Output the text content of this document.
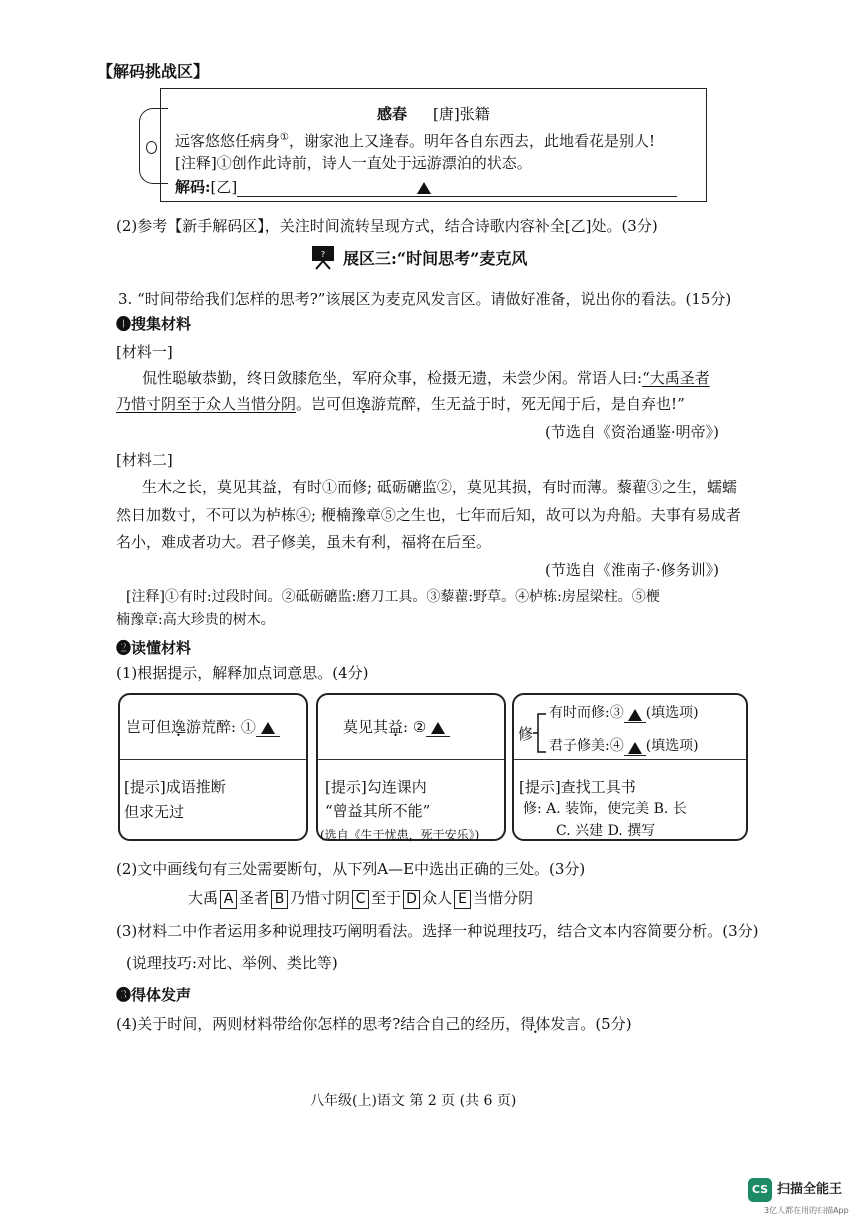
【解码挑战区】
感春 [唐]张籍
远客悠悠任病身①，谢家池上又逢春。明年各自东西去，此地看花是别人!
[注释]①创作此诗前，诗人一直处于远游漂泊的状态。
解码:[乙]
(2)参考【新手解码区】，关注时间流转呈现方式，结合诗歌内容补全[乙]处。(3分)
? 展区三:“时间思考”麦克风
3. “时间带给我们怎样的思考?”该展区为麦克风发言区。请做好准备，说出你的看法。(15分)
❶搜集材料
[材料一]
侃性聪敏恭勤，终日敛膝危坐，军府众事，检摄无遗，未尝少闲。常语人曰:“大禹圣者
乃惜寸阴至于众人当惜分阴。岂可但逸游荒醉，生无益于时，死无闻于后，是自弃也!”
(节选自《资治通鉴·明帝》)
[材料二]
生木之长，莫见其益，有时①而修; 砥砺礳监②，莫见其损，有时而薄。藜藋③之生，蠕蠕
然日加数寸，不可以为栌栋④; 楩楠豫章⑤之生也，七年而后知，故可以为舟船。夫事有易成者
名小，难成者功大。君子修美，虽未有利，福将在后至。
(节选自《淮南子·修务训》)
[注释]①有时:过段时间。②砥砺礳监:磨刀工具。③藜藋:野草。④栌栋:房屋梁柱。⑤楩
楠豫章:高大珍贵的树木。
❷读懂材料
(1)根据提示，解释加点词意思。(4分)
岂可但逸游荒醉: ①
[提示]成语推断
但求无过
莫见其益: ②
[提示]勾连课内
“曾益其所不能”
(选自《生于忧患，死于安乐》)
修
有时而修:③ (填选项)
君子修美:④ (填选项)
[提示]查找工具书
修: A. 装饰，使完美 B. 长
C. 兴建 D. 撰写
(2)文中画线句有三处需要断句，从下列A—E中选出正确的三处。(3分)
大禹 A 圣者 B 乃惜寸阴 C 至于 D 众人 E 当惜分阴
(3)材料二中作者运用多种说理技巧阐明看法。选择一种说理技巧，结合文本内容简要分析。(3分)
(说理技巧:对比、举例、类比等)
❸得体发声
(4)关于时间，两则材料带给你怎样的思考?结合自己的经历，得体发言。(5分)
八年级(上)语文 第 2 页 (共 6 页)
CS 扫描全能王
3亿人都在用的扫描App
